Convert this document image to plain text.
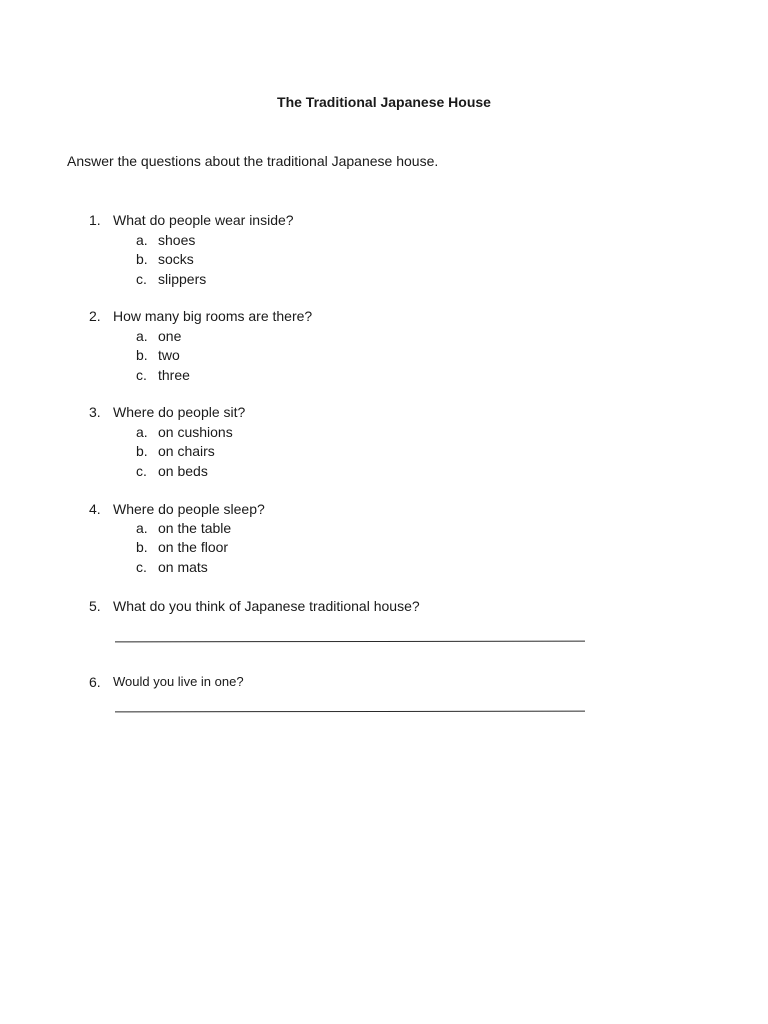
The Traditional Japanese House
Answer the questions about the traditional Japanese house.
1. What do people wear inside?
a. shoes
b. socks
c. slippers
2. How many big rooms are there?
a. one
b. two
c. three
3. Where do people sit?
a. on cushions
b. on chairs
c. on beds
4. Where do people sleep?
a. on the table
b. on the floor
c. on mats
5. What do you think of Japanese traditional house?
6. Would you live in one?
